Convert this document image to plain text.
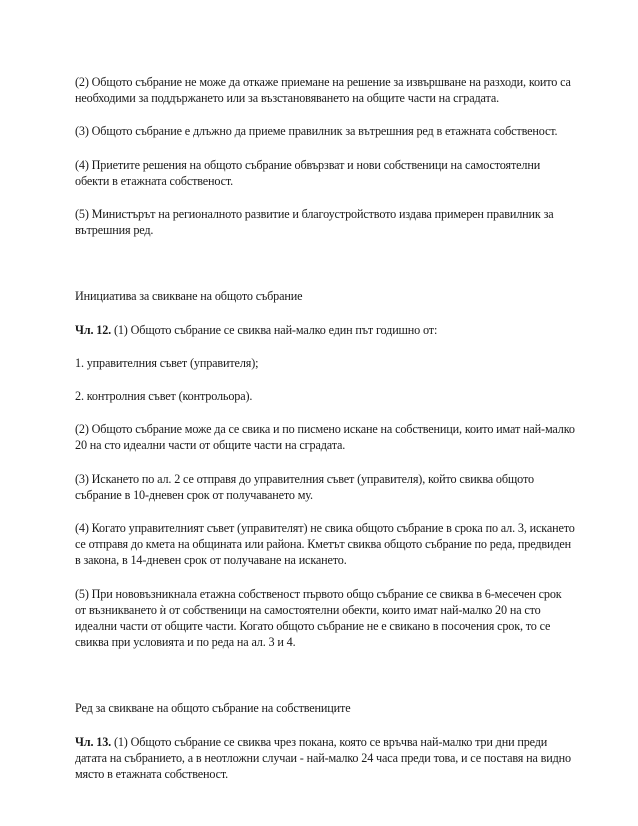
(2) Общото събрание не може да откаже приемане на решение за извършване на разходи, които са необходими за поддържането или за възстановяването на общите части на сградата.

(3) Общото събрание е длъжно да приеме правилник за вътрешния ред в етажната собственост.

(4) Приетите решения на общото събрание обвързват и нови собственици на самостоятелни обекти в етажната собственост.

(5) Министърът на регионалното развитие и благоустройството издава примерен правилник за вътрешния ред.

Инициатива за свикване на общото събрание

Чл. 12. (1) Общото събрание се свиква най-малко един път годишно от:

1. управителния съвет (управителя);

2. контролния съвет (контрольора).

(2) Общото събрание може да се свика и по писмено искане на собственици, които имат най-малко 20 на сто идеални части от общите части на сградата.

(3) Искането по ал. 2 се отправя до управителния съвет (управителя), който свиква общото събрание в 10-дневен срок от получаването му.

(4) Когато управителният съвет (управителят) не свика общото събрание в срока по ал. 3, искането се отправя до кмета на общината или района. Кметът свиква общото събрание по реда, предвиден в закона, в 14-дневен срок от получаване на искането.

(5) При нововъзникнала етажна собственост първото общо събрание се свиква в 6-месечен срок от възникването ѝ от собственици на самостоятелни обекти, които имат най-малко 20 на сто идеални части от общите части. Когато общото събрание не е свикано в посочения срок, то се свиква при условията и по реда на ал. 3 и 4.

Ред за свикване на общото събрание на собствениците

Чл. 13. (1) Общото събрание се свиква чрез покана, която се връчва най-малко три дни преди датата на събранието, а в неотложни случаи - най-малко 24 часа преди това, и се поставя на видно място в етажната собственост.
